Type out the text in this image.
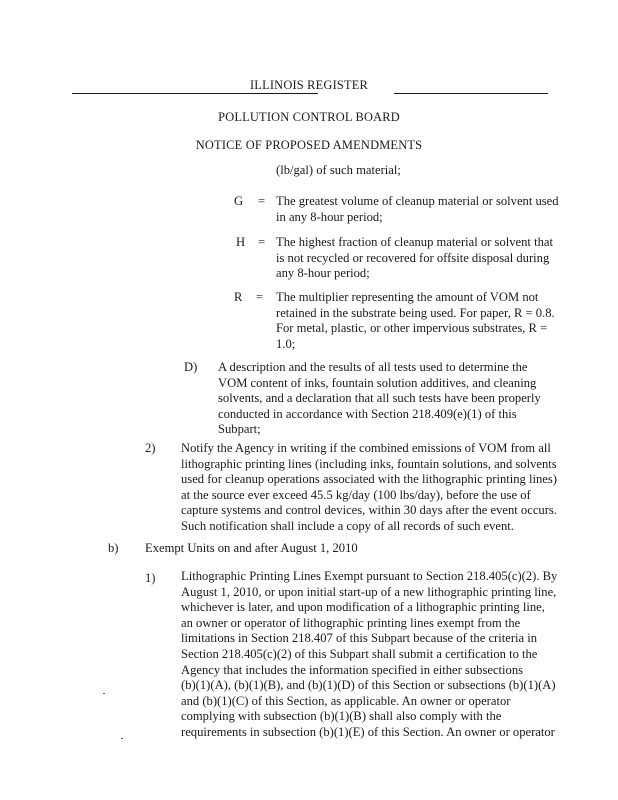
ILLINOIS REGISTER
POLLUTION CONTROL BOARD
NOTICE OF PROPOSED AMENDMENTS
(lb/gal) of such material;
G = The greatest volume of cleanup material or solvent used
in any 8-hour period;
H = The highest fraction of cleanup material or solvent that
is not recycled or recovered for offsite disposal during
any 8-hour period;
R = The multiplier representing the amount of VOM not
retained in the substrate being used. For paper, R = 0.8.
For metal, plastic, or other impervious substrates, R =
1.0;
D) A description and the results of all tests used to determine the
VOM content of inks, fountain solution additives, and cleaning
solvents, and a declaration that all such tests have been properly
conducted in accordance with Section 218.409(e)(1) of this
Subpart;
2) Notify the Agency in writing if the combined emissions of VOM from all
lithographic printing lines (including inks, fountain solutions, and solvents
used for cleanup operations associated with the lithographic printing lines)
at the source ever exceed 45.5 kg/day (100 lbs/day), before the use of
capture systems and control devices, within 30 days after the event occurs.
Such notification shall include a copy of all records of such event.
b) Exempt Units on and after August 1, 2010
1) Lithographic Printing Lines Exempt pursuant to Section 218.405(c)(2). By
August 1, 2010, or upon initial start-up of a new lithographic printing line,
whichever is later, and upon modification of a lithographic printing line,
an owner or operator of lithographic printing lines exempt from the
limitations in Section 218.407 of this Subpart because of the criteria in
Section 218.405(c)(2) of this Subpart shall submit a certification to the
Agency that includes the information specified in either subsections
(b)(1)(A), (b)(1)(B), and (b)(1)(D) of this Section or subsections (b)(1)(A)
and (b)(1)(C) of this Section, as applicable. An owner or operator
complying with subsection (b)(1)(B) shall also comply with the
requirements in subsection (b)(1)(E) of this Section. An owner or operator
